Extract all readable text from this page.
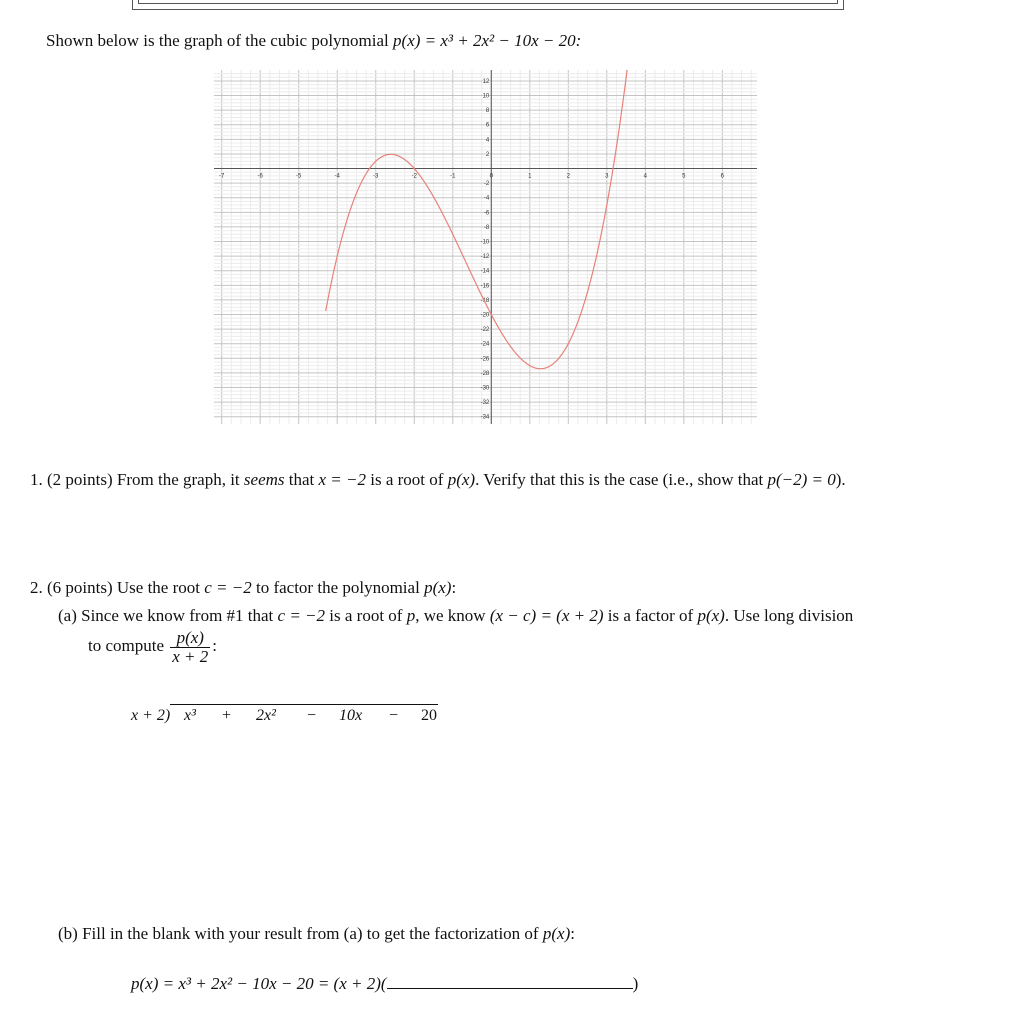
Shown below is the graph of the cubic polynomial p(x) = x³ + 2x² − 10x − 20:
-7	-6	-5	-4	-3	-2	-1	0	1	2	3	4	5	6
12
10
8
6
4
2
-2
-4
-6
-8
-10
-12
-14
-16
-18
-20
-22
-24
-26
-28
-30
-32
-34
1. (2 points) From the graph, it seems that x = −2 is a root of p(x). Verify that this is the case (i.e., show that p(−2) = 0).
2. (6 points) Use the root c = −2 to factor the polynomial p(x):
(a) Since we know from #1 that c = −2 is a root of p, we know (x − c) = (x + 2) is a factor of p(x). Use long division
to compute $\frac{p(x)}{x + 2}$ :
x + 2) x³ + 2x² − 10x − 20
(b) Fill in the blank with your result from (a) to get the factorization of p(x):
p(x) = x³ + 2x² − 10x − 20 = (x + 2)(	)
